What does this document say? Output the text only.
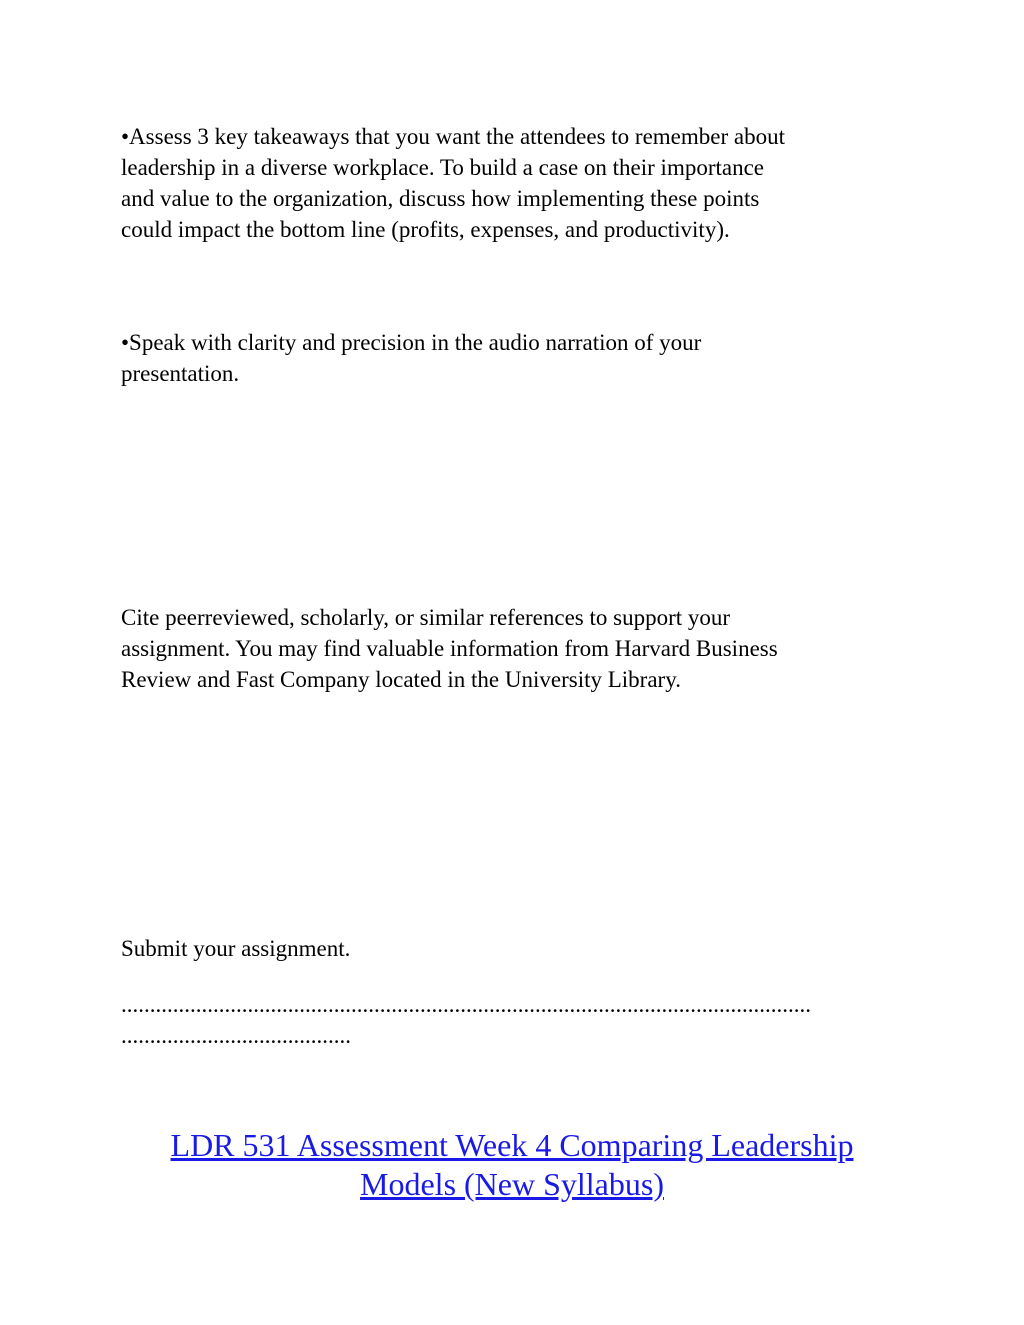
•Assess 3 key takeaways that you want the attendees to remember about
leadership in a diverse workplace. To build a case on their importance
and value to the organization, discuss how implementing these points
could impact the bottom line (profits, expenses, and productivity).

•Speak with clarity and precision in the audio narration of your
presentation.

Cite peerreviewed, scholarly, or similar references to support your
assignment. You may find valuable information from Harvard Business
Review and Fast Company located in the University Library.

Submit your assignment.

........................................................................................................................
........................................

LDR 531 Assessment Week 4 Comparing Leadership
Models (New Syllabus)
